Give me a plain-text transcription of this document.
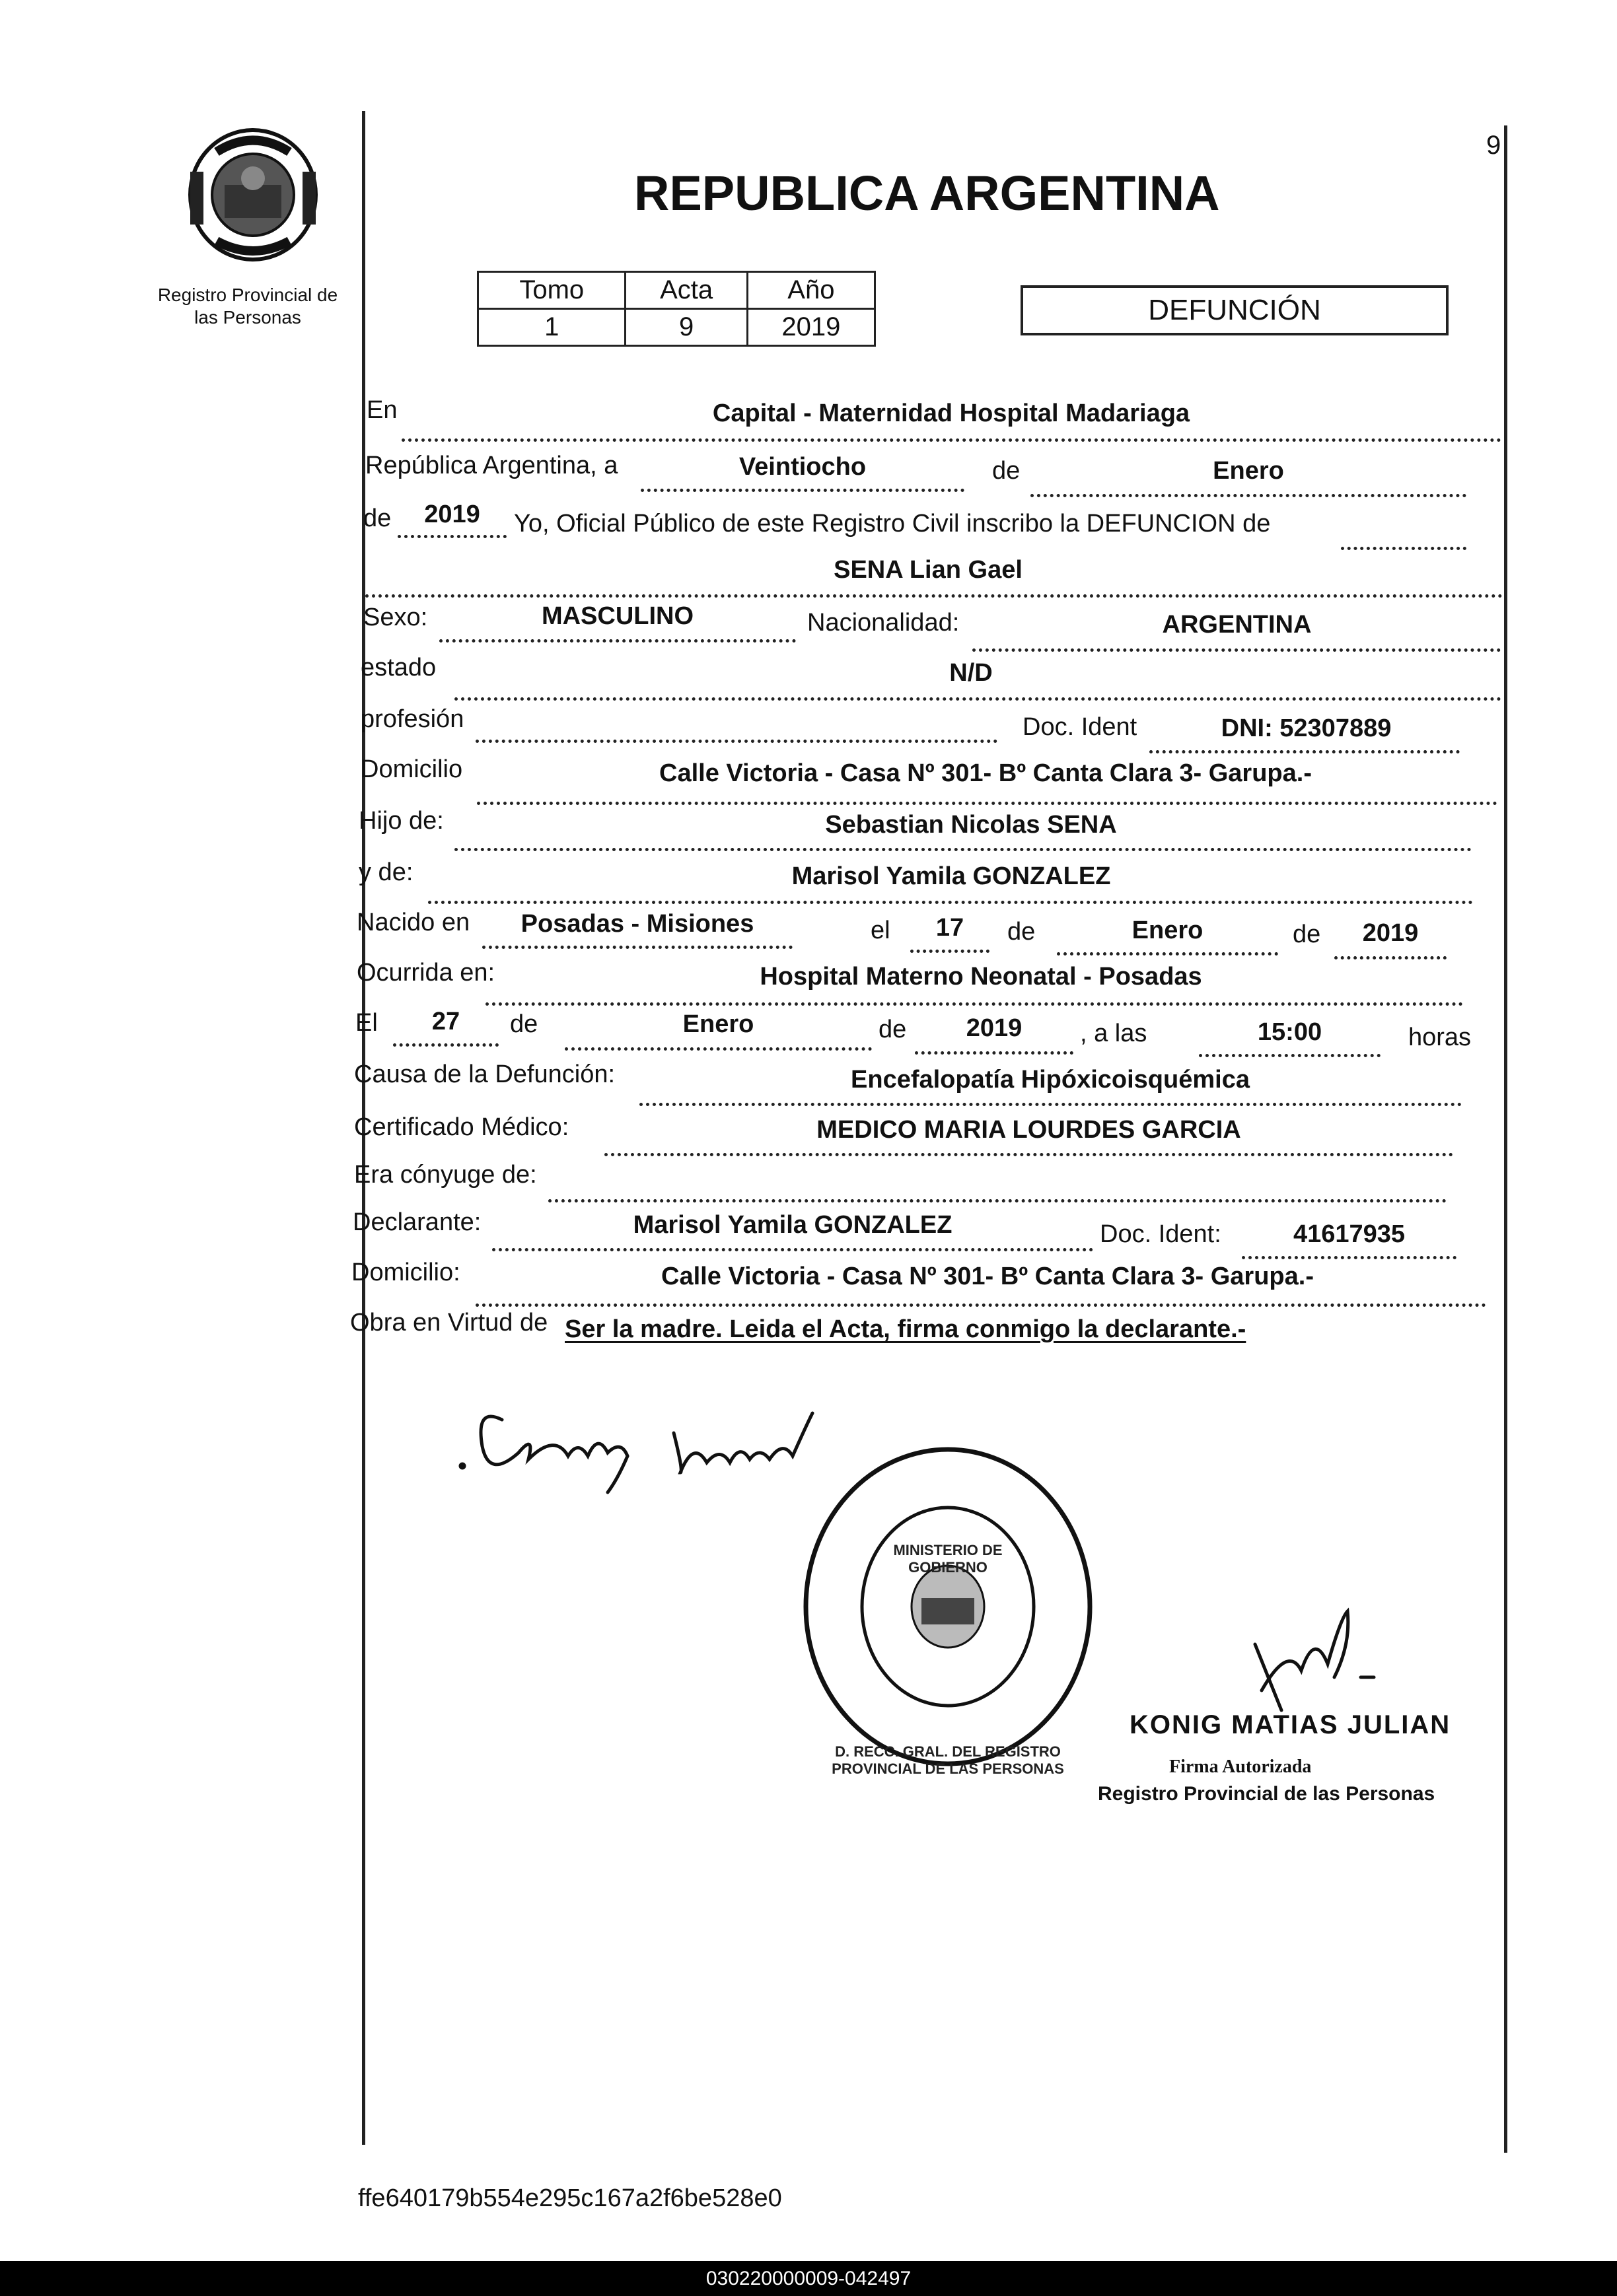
Registro Provincial de
las Personas
REPUBLICA ARGENTINA
9
Tomo	Acta	Año
1	9	2019
DEFUNCIÓN
En	Capital - Maternidad Hospital Madariaga
República Argentina, a	Veintiocho	de	Enero
de	2019	Yo, Oficial Público de este Registro Civil inscribo la DEFUNCION de
SENA Lian Gael
Sexo:	MASCULINO	Nacionalidad:	ARGENTINA
estado	N/D
profesión	Doc. Ident	DNI: 52307889
Domicilio	Calle Victoria - Casa Nº 301- Bº Canta Clara 3- Garupa.-
Hijo de:	Sebastian Nicolas SENA
y de:	Marisol Yamila GONZALEZ
Nacido en	Posadas - Misiones	el	17	de	Enero	de	2019
Ocurrida en:	Hospital Materno Neonatal - Posadas
El	27	de	Enero	de	2019	, a las	15:00	horas
Causa de la Defunción:	Encefalopatía Hipóxicoisquémica
Certificado Médico:	MEDICO MARIA LOURDES GARCIA
Era cónyuge de:
Declarante:	Marisol Yamila GONZALEZ	Doc. Ident:	41617935
Domicilio:	Calle Victoria - Casa Nº 301- Bº Canta Clara 3- Garupa.-
Obra en Virtud de Ser la madre. Leida el Acta, firma conmigo la declarante.-
D. RECC. GRAL. DEL REGISTRO PROVINCIAL DE LAS PERSONAS
MINISTERIO DE GOBIERNO
KONIG MATIAS JULIAN
Firma Autorizada
Registro Provincial de las Personas
ffe640179b554e295c167a2f6be528e0
030220000009-042497
